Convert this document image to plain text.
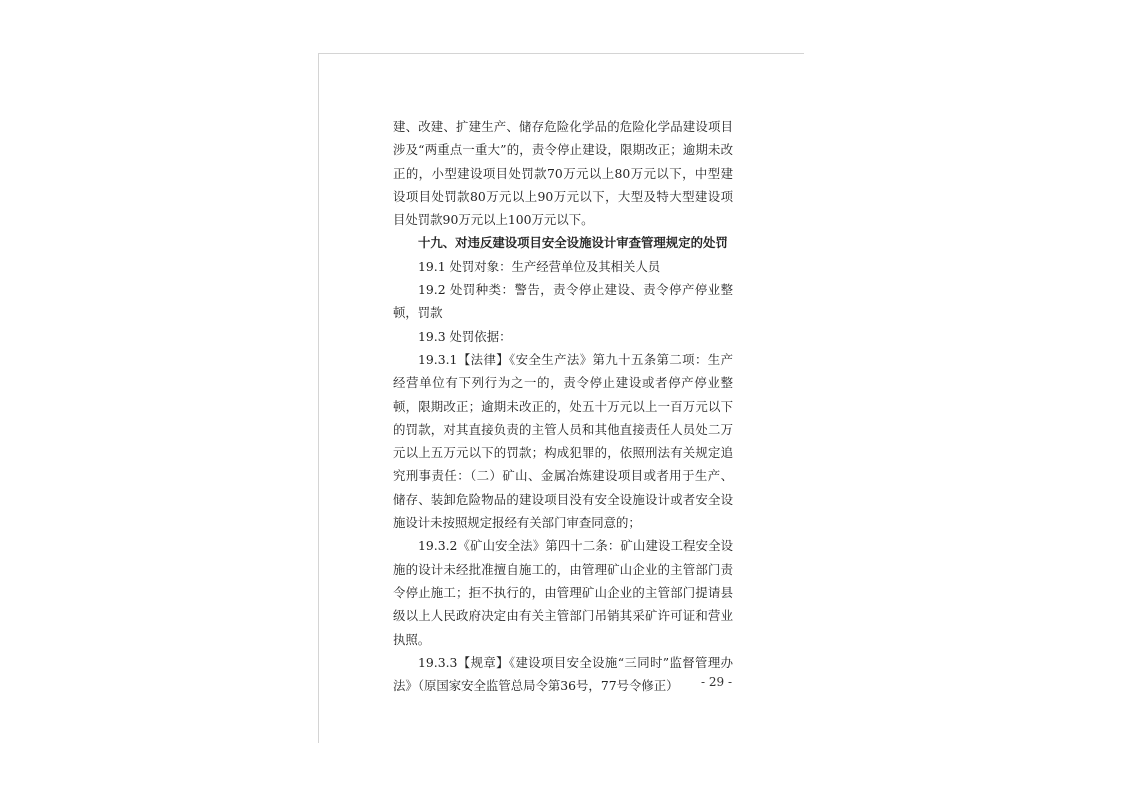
建、改建、扩建生产、储存危险化学品的危险化学品建设项目涉及“两重点一重大”的，责令停止建设，限期改正；逾期未改正的，小型建设项目处罚款70万元以上80万元以下，中型建设项目处罚款80万元以上90万元以下，大型及特大型建设项目处罚款90万元以上100万元以下。

十九、对违反建设项目安全设施设计审查管理规定的处罚

19.1 处罚对象：生产经营单位及其相关人员

19.2 处罚种类：警告，责令停止建设、责令停产停业整顿，罚款

19.3 处罚依据：

19.3.1【法律】《安全生产法》第九十五条第二项：生产经营单位有下列行为之一的，责令停止建设或者停产停业整顿，限期改正；逾期未改正的，处五十万元以上一百万元以下的罚款，对其直接负责的主管人员和其他直接责任人员处二万元以上五万元以下的罚款；构成犯罪的，依照刑法有关规定追究刑事责任：（二）矿山、金属冶炼建设项目或者用于生产、储存、装卸危险物品的建设项目没有安全设施设计或者安全设施设计未按照规定报经有关部门审查同意的；

19.3.2《矿山安全法》第四十二条：矿山建设工程安全设施的设计未经批准擅自施工的，由管理矿山企业的主管部门责令停止施工；拒不执行的，由管理矿山企业的主管部门提请县级以上人民政府决定由有关主管部门吊销其采矿许可证和营业执照。

19.3.3【规章】《建设项目安全设施“三同时”监督管理办法》（原国家安全监管总局令第36号，77号令修正）	- 29 -
